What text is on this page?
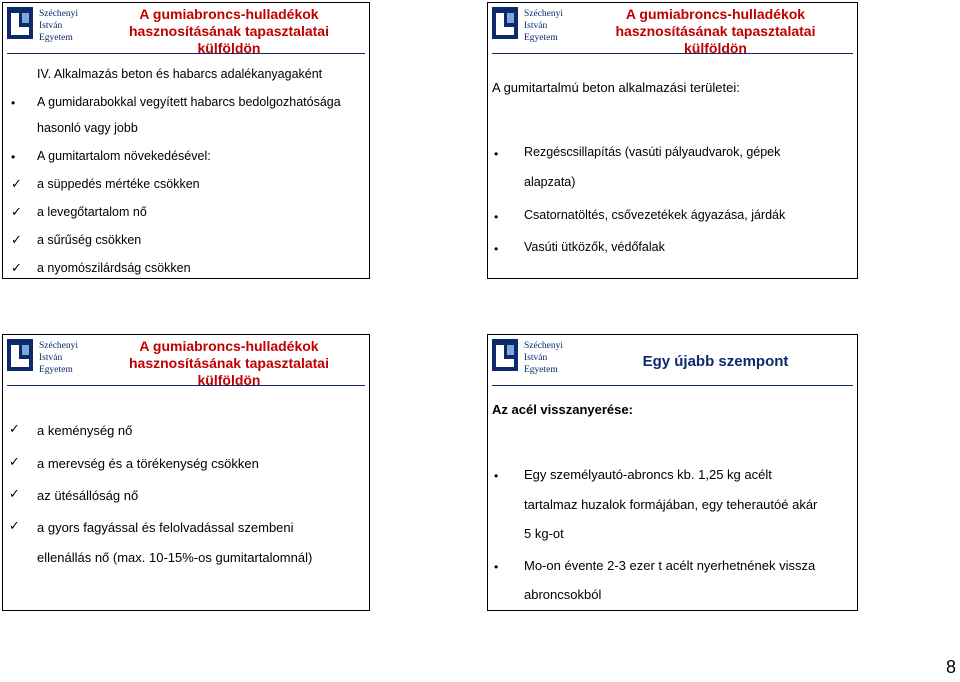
Széchenyi
István
Egyetem
A gumiabroncs-hulladékok
hasznosításának tapasztalatai
külföldön
IV. Alkalmazás beton és habarcs adalékanyagaként
• A gumidarabokkal vegyített habarcs bedolgozhatósága
hasonló vagy jobb
• A gumitartalom növekedésével:
✓ a süppedés mértéke csökken
✓ a levegőtartalom nő
✓ a sűrűség csökken
✓ a nyomószilárdság csökken
Széchenyi
István
Egyetem
A gumiabroncs-hulladékok
hasznosításának tapasztalatai
külföldön
A gumitartalmú beton alkalmazási területei:
• Rezgéscsillapítás (vasúti pályaudvarok, gépek
alapzata)
• Csatornatöltés, csővezetékek ágyazása, járdák
• Vasúti ütközők, védőfalak
Széchenyi
István
Egyetem
A gumiabroncs-hulladékok
hasznosításának tapasztalatai
külföldön
✓ a keménység nő
✓ a merevség és a törékenység csökken
✓ az ütésállóság nő
✓ a gyors fagyással és felolvadással szembeni
ellenállás nő (max. 10-15%-os gumitartalomnál)
Széchenyi
István
Egyetem	Egy újabb szempont
Az acél visszanyerése:
• Egy személyautó-abroncs kb. 1,25 kg acélt
tartalmaz huzalok formájában, egy teherautóé akár
5 kg-ot
• Mo-on évente 2-3 ezer t acélt nyerhetnének vissza
abroncsokból
8
